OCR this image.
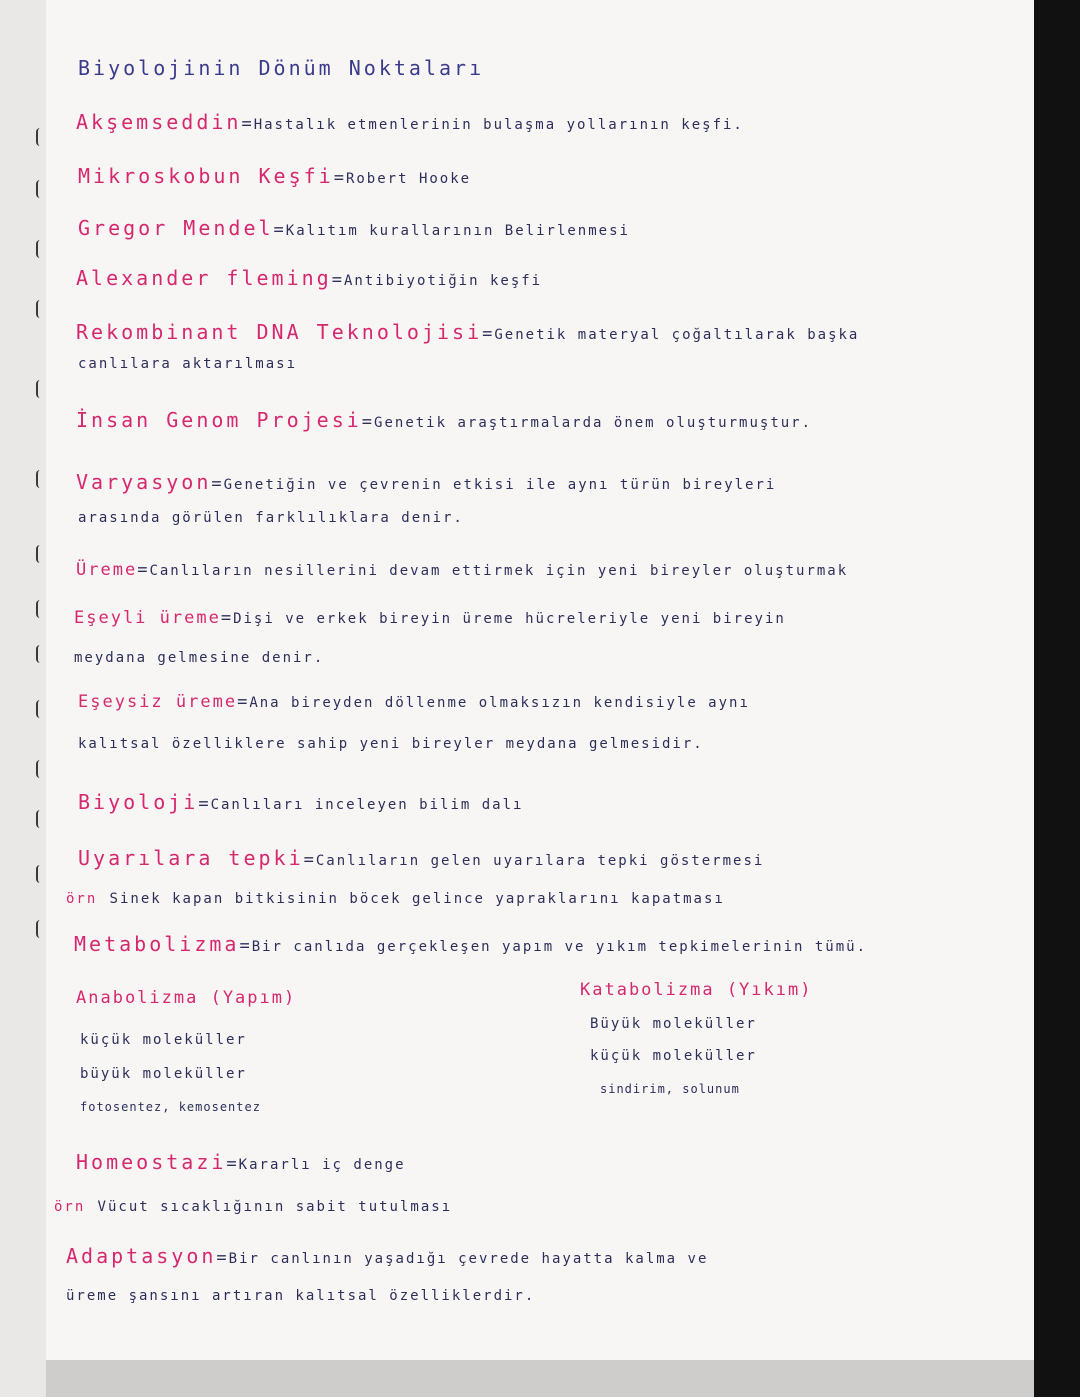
Biyolojinin Dönüm Noktaları
Akşemseddin=Hastalık etmenlerinin bulaşma yollarının keşfi.
Mikroskobun Keşfi=Robert Hooke
Gregor Mendel=Kalıtım kurallarının Belirlenmesi
Alexander fleming=Antibiyotiğin keşfi
Rekombinant DNA Teknolojisi=Genetik materyal çoğaltılarak başka
canlılara aktarılması
İnsan Genom Projesi=Genetik araştırmalarda önem oluşturmuştur.
Varyasyon=Genetiğin ve çevrenin etkisi ile aynı türün bireyleri
arasında görülen farklılıklara denir.
Üreme=Canlıların nesillerini devam ettirmek için yeni bireyler oluşturmak
Eşeyli üreme=Dişi ve erkek bireyin üreme hücreleriyle yeni bireyin
meydana gelmesine denir.
Eşeysiz üreme=Ana bireyden döllenme olmaksızın kendisiyle aynı
kalıtsal özelliklere sahip yeni bireyler meydana gelmesidir.
Biyoloji=Canlıları inceleyen bilim dalı
Uyarılara tepki=Canlıların gelen uyarılara tepki göstermesi
örn Sinek kapan bitkisinin böcek gelince yapraklarını kapatması
Metabolizma=Bir canlıda gerçekleşen yapım ve yıkım tepkimelerinin tümü.
Anabolizma (Yapım)
küçük moleküller
büyük moleküller
fotosentez, kemosentez
Katabolizma (Yıkım)
Büyük moleküller
küçük moleküller
sindirim, solunum
Homeostazi=Kararlı iç denge
örn Vücut sıcaklığının sabit tutulması
Adaptasyon=Bir canlının yaşadığı çevrede hayatta kalma ve
üreme şansını artıran kalıtsal özelliklerdir.
